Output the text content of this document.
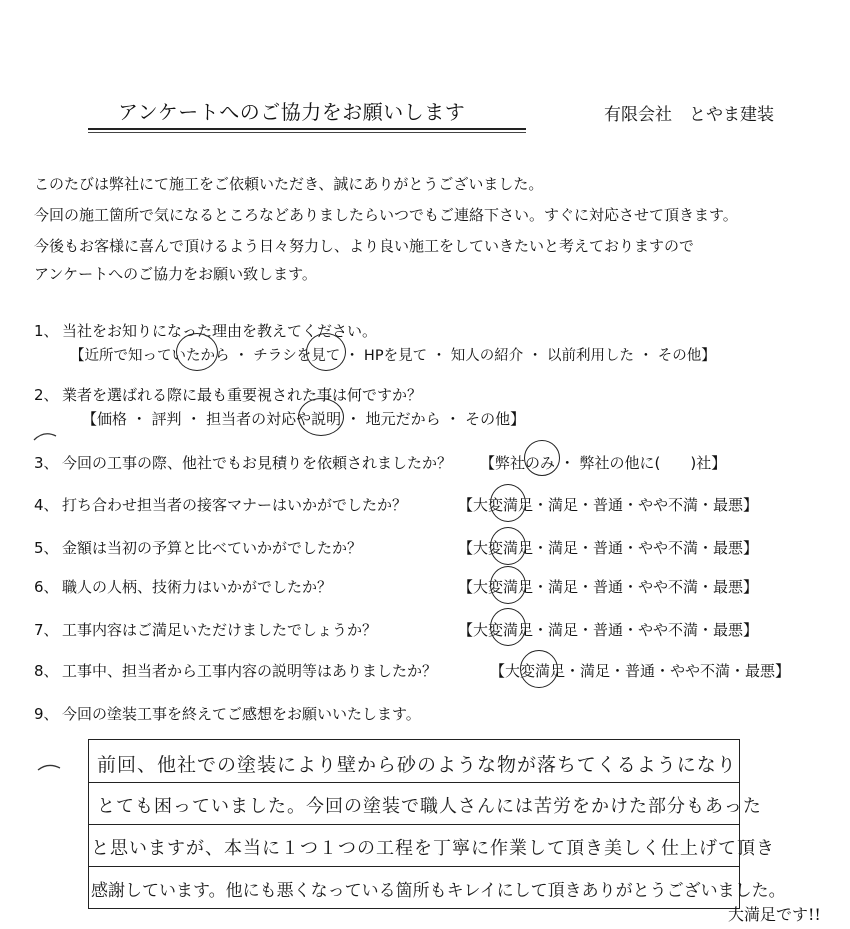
アンケートへのご協力をお願いします	有限会社　とやま建装
このたびは弊社にて施工をご依頼いただき、誠にありがとうございました。
今回の施工箇所で気になるところなどありましたらいつでもご連絡下さい。すぐに対応させて頂きます。
今後もお客様に喜んで頂けるよう日々努力し、より良い施工をしていきたいと考えておりますので
アンケートへのご協力をお願い致します。
1、 当社をお知りになった理由を教えてください。
【近所で知っていたから ・ チラシを見て ・ HPを見て ・ 知人の紹介 ・ 以前利用した ・ その他】
2、 業者を選ばれる際に最も重要視された事は何ですか？
【価格 ・ 評判 ・ 担当者の対応や説明 ・ 地元だから ・ その他】
3、 今回の工事の際、他社でもお見積りを依頼されましたか？ 【弊社のみ ・ 弊社の他に(　　)社】
4、 打ち合わせ担当者の接客マナーはいかがでしたか？	【大変満足・満足・普通・やや不満・最悪】
5、 金額は当初の予算と比べていかがでしたか？	【大変満足・満足・普通・やや不満・最悪】
6、 職人の人柄、技術力はいかがでしたか？	【大変満足・満足・普通・やや不満・最悪】
7、 工事内容はご満足いただけましたでしょうか？	【大変満足・満足・普通・やや不満・最悪】
8、 工事中、担当者から工事内容の説明等はありましたか？	【大変満足・満足・普通・やや不満・最悪】
9、 今回の塗装工事を終えてご感想をお願いいたします。
前回、他社での塗装により壁から砂のような物が落ちてくるようになり
とても困っていました。今回の塗装で職人さんには苦労をかけた部分もあった
と思いますが、本当に１つ１つの工程を丁寧に作業して頂き美しく仕上げて頂き
感謝しています。他にも悪くなっている箇所もキレイにして頂きありがとうございました。
大満足です!!
